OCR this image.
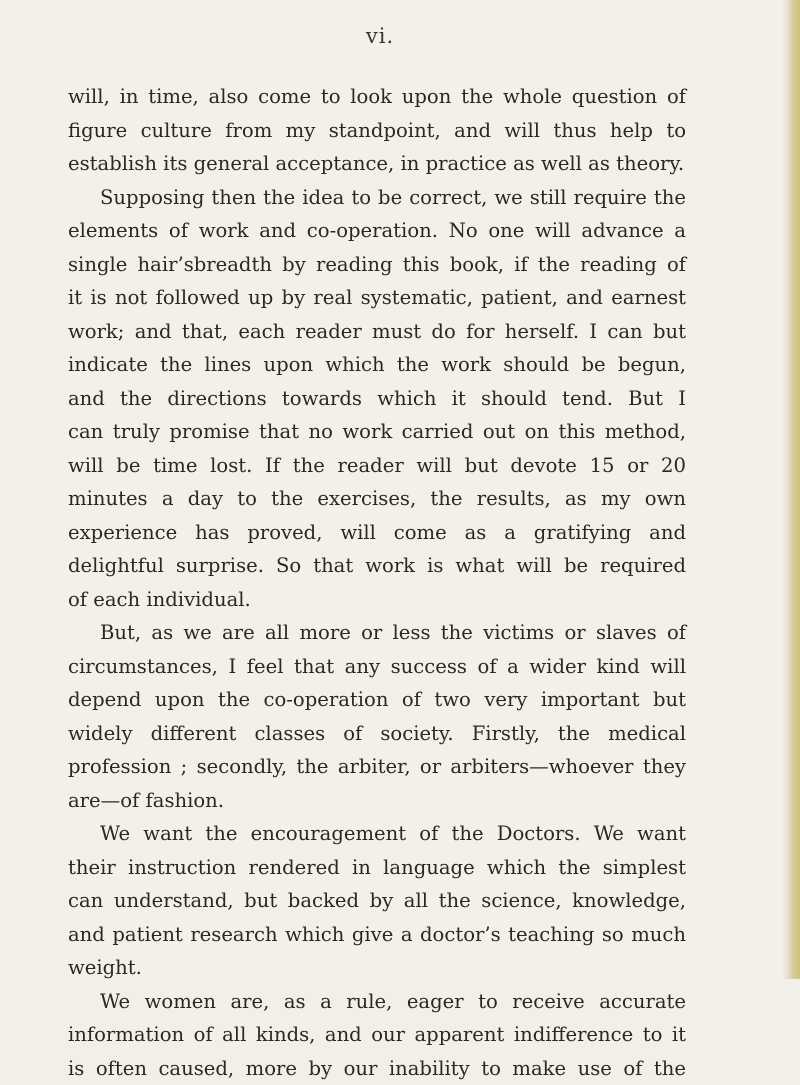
vi.
will, in time, also come to look upon the whole question of
figure culture from my standpoint, and will thus help to
establish its general acceptance, in practice as well as theory.
Supposing then the idea to be correct, we still require the
elements of work and co-operation. No one will advance a
single hair’sbreadth by reading this book, if the reading of
it is not followed up by real systematic, patient, and earnest
work; and that, each reader must do for herself. I can but
indicate the lines upon which the work should be begun,
and the directions towards which it should tend. But I
can truly promise that no work carried out on this method,
will be time lost. If the reader will but devote 15 or 20
minutes a day to the exercises, the results, as my own
experience has proved, will come as a gratifying and
delightful surprise. So that work is what will be required
of each individual.
But, as we are all more or less the victims or slaves of
circumstances, I feel that any success of a wider kind will
depend upon the co-operation of two very important but
widely different classes of society. Firstly, the medical
profession ; secondly, the arbiter, or arbiters—whoever they
are—of fashion.
We want the encouragement of the Doctors. We want
their instruction rendered in language which the simplest
can understand, but backed by all the science, knowledge,
and patient research which give a doctor’s teaching so much
weight.
We women are, as a rule, eager to receive accurate
information of all kinds, and our apparent indifference to it
is often caused, more by our inability to make use of the
